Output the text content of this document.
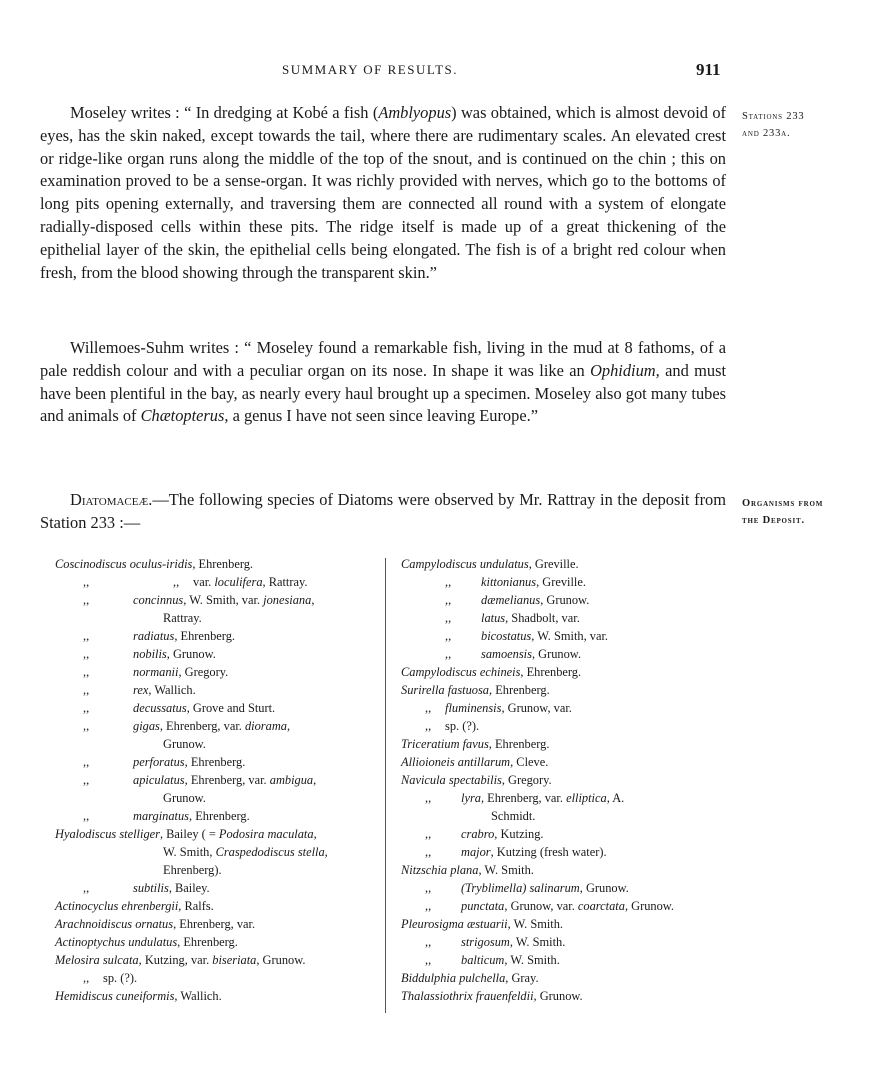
SUMMARY OF RESULTS.	911

Moseley writes : “ In dredging at Kobé a fish (Amblyopus) was obtained, which is almost devoid of eyes, has the skin naked, except towards the tail, where there are rudimentary scales. An elevated crest or ridge-like organ runs along the middle of the top of the snout, and is continued on the chin ; this on examination proved to be a sense-organ. It was richly provided with nerves, which go to the bottoms of long pits opening externally, and traversing them are connected all round with a system of elongate radially-disposed cells within these pits. The ridge itself is made up of a great thickening of the epithelial layer of the skin, the epithelial cells being elongated. The fish is of a bright red colour when fresh, from the blood showing through the transparent skin.”

Willemoes-Suhm writes : “ Moseley found a remarkable fish, living in the mud at 8 fathoms, of a pale reddish colour and with a peculiar organ on its nose. In shape it was like an Ophidium, and must have been plentiful in the bay, as nearly every haul brought up a specimen. Moseley also got many tubes and animals of Chætopterus, a genus I have not seen since leaving Europe.”

Diatomaceæ.—The following species of Diatoms were observed by Mr. Rattray in the deposit from Station 233 :—

Stations 233
and 233a.
Organisms from
the Deposit.
Coscinodiscus oculus-iridis, Ehrenberg.
,,	,, var. loculifera, Rattray.
,,	concinnus, W. Smith, var. jonesiana,
Rattray.
,,	radiatus, Ehrenberg.
,,	nobilis, Grunow.
,,	normanii, Gregory.
,,	rex, Wallich.
,,	decussatus, Grove and Sturt.
,,	gigas, Ehrenberg, var. diorama,
Grunow.
,,	perforatus, Ehrenberg.
,,	apiculatus, Ehrenberg, var. ambigua,
Grunow.
,,	marginatus, Ehrenberg.
Hyalodiscus stelliger, Bailey ( = Podosira maculata,
W. Smith, Craspedodiscus stella,
Ehrenberg).
,,	subtilis, Bailey.
Actinocyclus ehrenbergii, Ralfs.
Arachnoidiscus ornatus, Ehrenberg, var.
Actinoptychus undulatus, Ehrenberg.
Melosira sulcata, Kutzing, var. biseriata, Grunow.
,, sp. (?).
Hemidiscus cuneiformis, Wallich.
Campylodiscus undulatus, Greville.
,, kittonianus, Greville.
,, dæmelianus, Grunow.
,, latus, Shadbolt, var.
,, bicostatus, W. Smith, var.
,, samoensis, Grunow.
Campylodiscus echineis, Ehrenberg.
Surirella fastuosa, Ehrenberg.
,, fluminensis, Grunow, var.
,, sp. (?).
Triceratium favus, Ehrenberg.
Allioioneis antillarum, Cleve.
Navicula spectabilis, Gregory.
,, lyra, Ehrenberg, var. elliptica, A.
Schmidt.
,, crabro, Kutzing.
,, major, Kutzing (fresh water).
Nitzschia plana, W. Smith.
,, (Tryblimella) salinarum, Grunow.
,, punctata, Grunow, var. coarctata, Grunow.
Pleurosigma æstuarii, W. Smith.
,, strigosum, W. Smith.
,, balticum, W. Smith.
Biddulphia pulchella, Gray.
Thalassiothrix frauenfeldii, Grunow.
